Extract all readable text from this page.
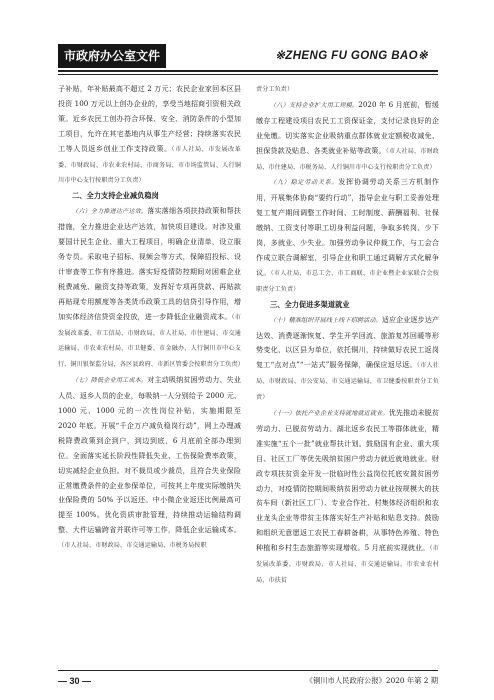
市政府办公室文件	※ZHENG FU GONG BAO※

子补贴，年补贴最高不超过 2 万元；农民企业家回本区县投资 100 万元以上创办企业的，享受当地招商引资相关政策。近乡农民工创办符合环保、安全、消防条件的小型加工项目，允许在其宅基地内从事生产经营；持续落实农民工等人员返乡创业工作支持政策。（市人社局、市发展改革委、市财政局、市农业农村局、市商务局、市市场监管局、人行铜川市中心支行按职责分工负责）

二、全力支持企业减负稳岗

（六）全力推进达产达效。落实落细各项扶持政策和帮扶措施，全力推进企业达产达效，加快项目建设。对涉及重要国计民生企业、重大工程项目，明确企业清单，设立服务专员。采取电子招标、视频会等方式，保障招投标、设计审查等工作有序推进。落实好疫情防控期间对困难企业税费减免、融资支持等政策，发挥好专项再贷款、再贴款再贴现专用额度等各类货币政策工具的信贷引导作用，增加实体经济信贷资金投放，进一步降低企业融资成本。（市发展改革委、市工信局、市财政局、市人社局、市住建局、市交通运输局、市农业农村局、市卫健委、市金融办、人行铜川市中心支行、铜川银保监分局，各区县政府、市新区管委会按职责分工负责）

（七）降低企业用工成本。对主动吸纳贫困劳动力、失业人员、返乡人员的企业，每吸纳一人分别给予 2000 元、1000 元、1000 元的一次性岗位补贴，实施期限至 2020 年底。开展“千企万户减负稳岗行动”，网上办理减税降费政策到企到户，到边到底，6 月底前全部办理到位。全面落实延长阶段性降低失业、工伤保险费率政策，切实减轻企业负担。对不裁员或少裁员，且符合失业保险正常缴费条件的企业参保单位，可按其上年度实际缴纳失业保险费的 50% 予以返还。中小微企业返还比例最高可提至 100%。优化资质审批管理，持续推动运输结构调整、大件运输跨省并联许可等工作，降低企业运输成本。（市人社局、市财政局、市交通运输局、市税务局按职

责分工负责）

（八）支持企业扩大用工规模。2020 年 6 月底前，暂缓缴存工程建设项目农民工工资保证金，支付记录良好的企业免缴。切实落实企业吸纳重点群体就业定额税收减免、担保贷款及贴息、各类就业补贴等政策。（市人社局、市财政局、市住建局、市税务局、人行铜川市中心支行按职责分工负责）

（九）稳定劳动关系。发挥协调劳动关系三方机制作用，开展集体协商“要约行动”，指导企业与职工妥善处理复工复产期间调整工作时间、工时制度、薪酬福利、社保缴纳、工资支付等职工切身利益问题，争取多转岗、少下岗，多就业、少失业。加强劳动争议仲裁工作，与工会合作成立联合调解室，引导企业和职工通过调解方式化解争议。（市人社局、市总工会、市工商联、市企业暨企业家联合会按职责分工负责）

三、全力促进多渠道就业

（十）精准组织开展线上线下招聘活动。适应企业逐步达产达效、消费逐渐恢复、学生开学回流、旅游复苏回暖等形势变化，以区县为单位，依托铜川，持续做好农民工返岗复工“点对点”“一站式”服务保障，确保应返尽返。（市人社局、市财政局、市公安局、市交通运输局、市卫健委按职责分工负责）

（十一）依托产业企业支持就地就近就业。优先推动未脱贫劳动力、已脱贫劳动力、湖北返乡农民工等群体就业，精准实施“五个一批”就业帮扶计划。鼓励国有企业、重大项目、社区工厂等优先吸纳贫困户劳动力就近就地就业。财政专项扶贫资金开发一批临时性公益岗位托底安置贫困劳动力，对疫情防控期间吸纳贫困劳动力就业按规模大的扶贫车间（新社区工厂）、专业合作社、村集体经济组织和农业龙头企业等带贫主体落实好生产补贴和贴息支持。鼓励和组织无意愿返工农民工春耕备耕，从事特色养殖、特色种植和乡村生态旅游等实现增收。5 月底前实现就业。（市发展改革委、市财政局、市人社局、市交通运输局、市农业农村局、市扶贫

— 30 —	《铜川市人民政府公报》2020 年第 2 期
